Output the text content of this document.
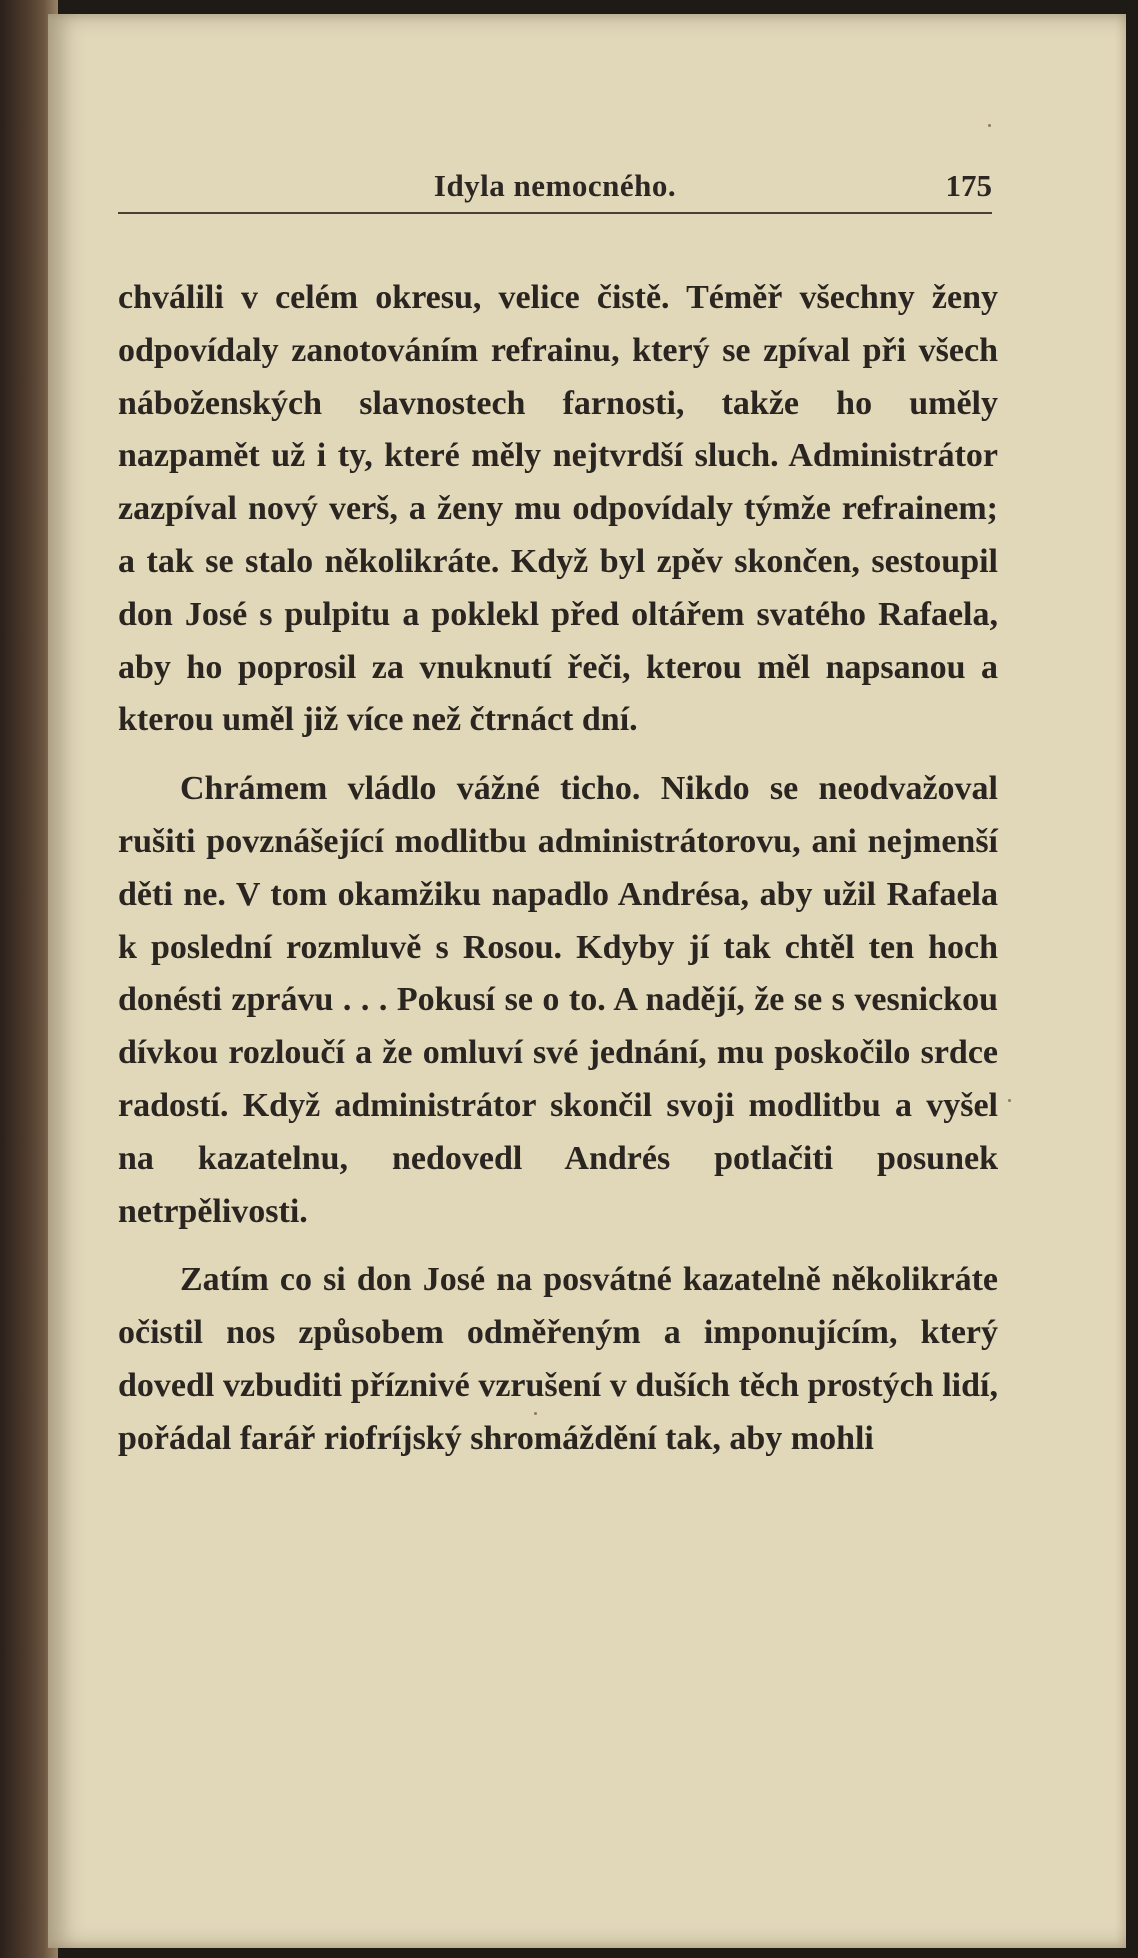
Idyla nemocného.	175

chválili v celém okresu, velice čistě. Téměř všechny ženy odpovídaly zanotováním refrainu, který se zpíval při všech náboženských slavnostech farnosti, takže ho uměly nazpamět už i ty, které měly nejtvrdší sluch. Administrátor zazpíval nový verš, a ženy mu odpovídaly týmže refrainem; a tak se stalo několikráte. Když byl zpěv skončen, sestoupil don José s pulpitu a poklekl před oltářem svatého Rafaela, aby ho poprosil za vnuknutí řeči, kterou měl napsanou a kterou uměl již více než čtrnáct dní.

Chrámem vládlo vážné ticho. Nikdo se neodvažoval rušiti povznášející modlitbu administrátorovu, ani nejmenší děti ne. V tom okamžiku napadlo Andrésa, aby užil Rafaela k poslední rozmluvě s Rosou. Kdyby jí tak chtěl ten hoch donésti zprávu . . . Pokusí se o to. A nadějí, že se s vesnickou dívkou rozloučí a že omluví své jednání, mu poskočilo srdce radostí. Když administrátor skončil svoji modlitbu a vyšel na kazatelnu, nedovedl Andrés potlačiti posunek netrpělivosti.

Zatím co si don José na posvátné kazatelně několikráte očistil nos způsobem odměřeným a imponujícím, který dovedl vzbuditi příznivé vzrušení v duších těch prostých lidí, pořádal farář riofríjský shromáždění tak, aby mohli
